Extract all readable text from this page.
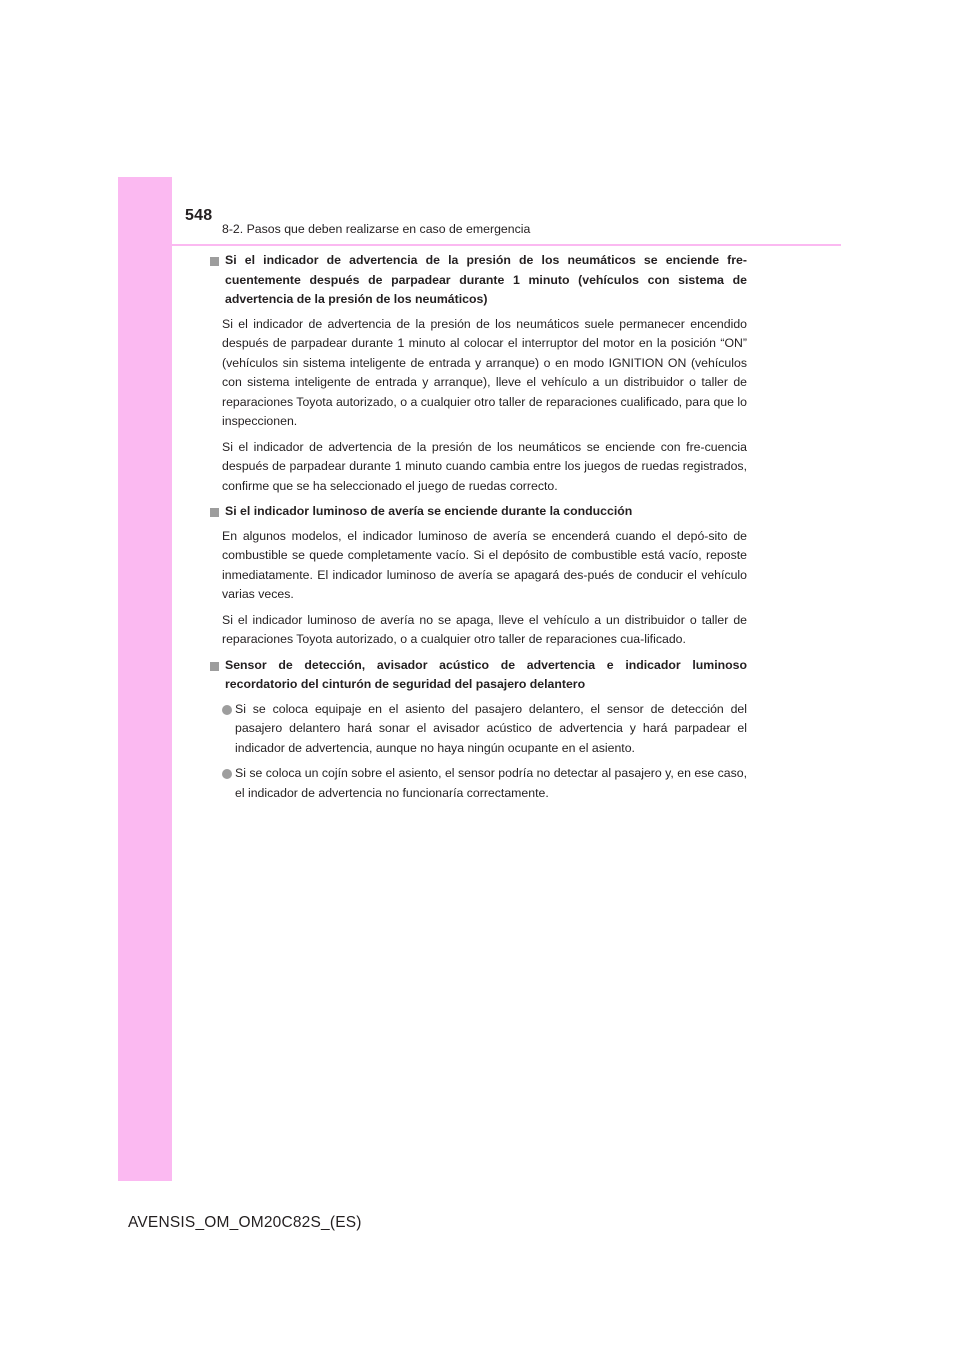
548
8-2. Pasos que deben realizarse en caso de emergencia
Si el indicador de advertencia de la presión de los neumáticos se enciende fre-cuentemente después de parpadear durante 1 minuto (vehículos con sistema de advertencia de la presión de los neumáticos)

Si el indicador de advertencia de la presión de los neumáticos suele permanecer encendido después de parpadear durante 1 minuto al colocar el interruptor del motor en la posición “ON” (vehículos sin sistema inteligente de entrada y arranque) o en modo IGNITION ON (vehículos con sistema inteligente de entrada y arranque), lleve el vehículo a un distribuidor o taller de reparaciones Toyota autorizado, o a cualquier otro taller de reparaciones cualificado, para que lo inspeccionen.

Si el indicador de advertencia de la presión de los neumáticos se enciende con fre-cuencia después de parpadear durante 1 minuto cuando cambia entre los juegos de ruedas registrados, confirme que se ha seleccionado el juego de ruedas correcto.

Si el indicador luminoso de avería se enciende durante la conducción

En algunos modelos, el indicador luminoso de avería se encenderá cuando el depó-sito de combustible se quede completamente vacío. Si el depósito de combustible está vacío, reposte inmediatamente. El indicador luminoso de avería se apagará des-pués de conducir el vehículo varias veces.

Si el indicador luminoso de avería no se apaga, lleve el vehículo a un distribuidor o taller de reparaciones Toyota autorizado, o a cualquier otro taller de reparaciones cua-lificado.

Sensor de detección, avisador acústico de advertencia e indicador luminoso recordatorio del cinturón de seguridad del pasajero delantero
Si se coloca equipaje en el asiento del pasajero delantero, el sensor de detección del pasajero delantero hará sonar el avisador acústico de advertencia y hará parpadear el indicador de advertencia, aunque no haya ningún ocupante en el asiento.
Si se coloca un cojín sobre el asiento, el sensor podría no detectar al pasajero y, en ese caso, el indicador de advertencia no funcionaría correctamente.
AVENSIS_OM_OM20C82S_(ES)
